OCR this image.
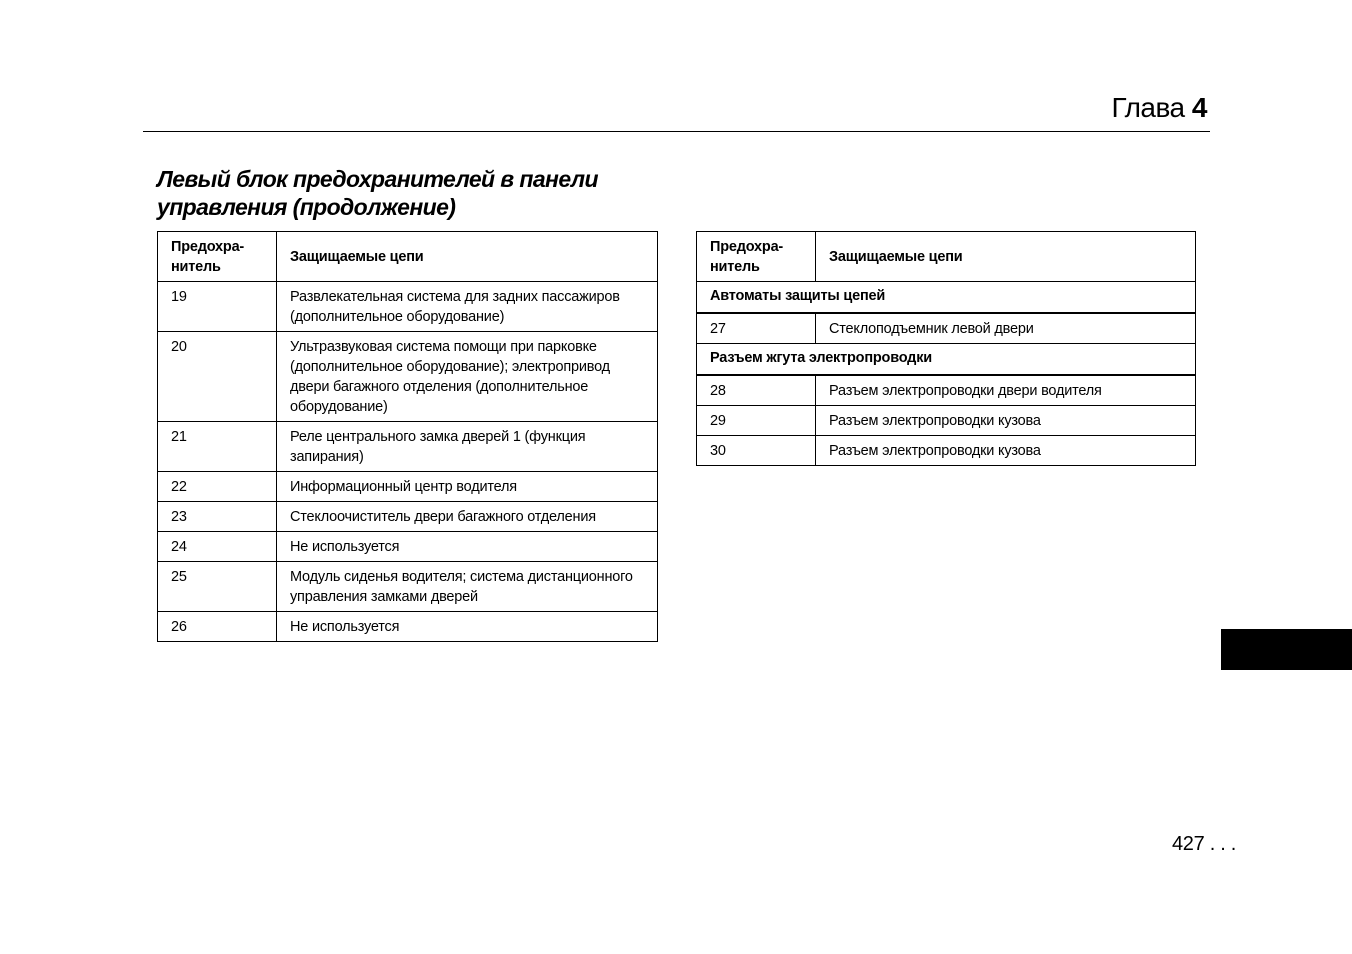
Глава 4
Левый блок предохранителей в панели
управления (продолжение)
Предохра-
нитель	Защищаемые цепи
19	Развлекательная система для задних пассажиров (дополнительное оборудование)
20	Ультразвуковая система помощи при парковке (дополнительное оборудование); электропривод двери багажного отделения (дополнительное оборудование)
21	Реле центрального замка дверей 1 (функция запирания)
22	Информационный центр водителя
23	Стеклоочиститель двери багажного отделения
24	Не используется
25	Модуль сиденья водителя; система дистанционного управления замками дверей
26	Не используется
Предохра-
нитель	Защищаемые цепи
Автоматы защиты цепей	
27	Стеклоподъемник левой двери
Разъем жгута электропроводки	
28	Разъем электропроводки двери водителя
29	Разъем электропроводки кузова
30	Разъем электропроводки кузова
427 . . .
